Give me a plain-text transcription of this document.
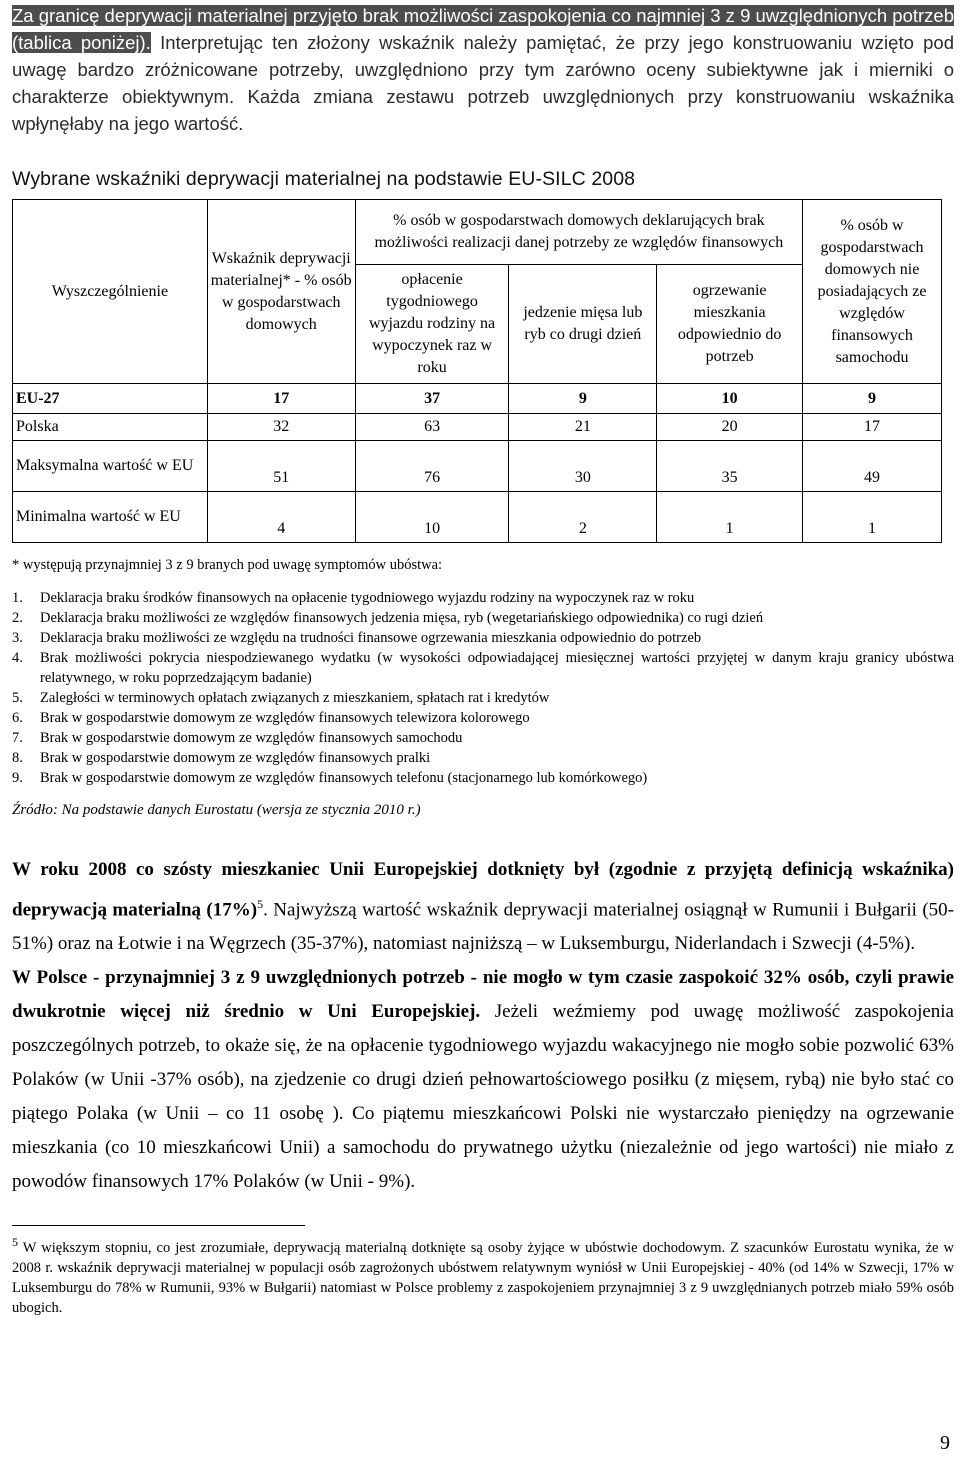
Za granicę deprywacji materialnej przyjęto brak możliwości zaspokojenia co najmniej 3 z 9 uwzględnionych potrzeb (tablica poniżej). Interpretując ten złożony wskaźnik należy pamiętać, że przy jego konstruowaniu wzięto pod uwagę bardzo zróżnicowane potrzeby, uwzględniono przy tym zarówno oceny subiektywne jak i mierniki o charakterze obiektywnym. Każda zmiana zestawu potrzeb uwzględnionych przy konstruowaniu wskaźnika wpłynęłaby na jego wartość.

Wybrane wskaźniki deprywacji materialnej na podstawie EU-SILC 2008
Wyszczególnienie	Wskaźnik deprywacji materialnej* - % osób w gospodarstwach domowych	% osób w gospodarstwach domowych deklarujących brak możliwości realizacji danej potrzeby ze względów finansowych			% osób w gospodarstwach domowych nie posiadających ze względów finansowych samochodu
		opłacenie tygodniowego wyjazdu rodziny na wypoczynek raz w roku	jedzenie mięsa lub ryb co drugi dzień	ogrzewanie mieszkania odpowiednio do potrzeb	
EU-27	17	37	9	10	9
Polska	32	63	21	20	17
Maksymalna wartość w EU	51	76	30	35	49
Minimalna wartość w EU	4	10	2	1	1

* występują przynajmniej 3 z 9 branych pod uwagę symptomów ubóstwa:

1. Deklaracja braku środków finansowych na opłacenie tygodniowego wyjazdu rodziny na wypoczynek raz w roku
2. Deklaracja braku możliwości ze względów finansowych jedzenia mięsa, ryb (wegetariańskiego odpowiednika) co rugi dzień
3. Deklaracja braku możliwości ze względu na trudności finansowe ogrzewania mieszkania odpowiednio do potrzeb
4. Brak możliwości pokrycia niespodziewanego wydatku (w wysokości odpowiadającej miesięcznej wartości przyjętej w danym kraju granicy ubóstwa relatywnego, w roku poprzedzającym badanie)
5. Zaległości w terminowych opłatach związanych z mieszkaniem, spłatach rat i kredytów
6. Brak w gospodarstwie domowym ze względów finansowych telewizora kolorowego
7. Brak w gospodarstwie domowym ze względów finansowych samochodu
8. Brak w gospodarstwie domowym ze względów finansowych pralki
9. Brak w gospodarstwie domowym ze względów finansowych telefonu (stacjonarnego lub komórkowego)

Źródło: Na podstawie danych Eurostatu (wersja ze stycznia 2010 r.)

W roku 2008 co szósty mieszkaniec Unii Europejskiej dotknięty był (zgodnie z przyjętą definicją wskaźnika) deprywacją materialną $(17\%)^5$. Najwyższą wartość wskaźnik deprywacji materialnej osiągnął w Rumunii i Bułgarii (50-51%) oraz na Łotwie i na Węgrzech (35-37%), natomiast najniższą – w Luksemburgu, Niderlandach i Szwecji (4-5%).

W Polsce - przynajmniej 3 z 9 uwzględnionych potrzeb - nie mogło w tym czasie zaspokoić 32% osób, czyli prawie dwukrotnie więcej niż średnio w Uni Europejskiej. Jeżeli weźmiemy pod uwagę możliwość zaspokojenia poszczególnych potrzeb, to okaże się, że na opłacenie tygodniowego wyjazdu wakacyjnego nie mogło sobie pozwolić 63% Polaków (w Unii -37% osób), na zjedzenie co drugi dzień pełnowartościowego posiłku (z mięsem, rybą) nie było stać co piątego Polaka (w Unii – co 11 osobę ). Co piątemu mieszkańcowi Polski nie wystarczało pieniędzy na ogrzewanie mieszkania (co 10 mieszkańcowi Unii) a samochodu do prywatnego użytku (niezależnie od jego wartości) nie miało z powodów finansowych 17% Polaków (w Unii - 9%).

$^5$ W większym stopniu, co jest zrozumiałe, deprywacją materialną dotknięte są osoby żyjące w ubóstwie dochodowym. Z szacunków Eurostatu wynika, że w 2008 r. wskaźnik deprywacji materialnej w populacji osób zagrożonych ubóstwem relatywnym wyniósł w Unii Europejskiej - 40% (od 14% w Szwecji, 17% w Luksemburgu do 78% w Rumunii, 93% w Bułgarii) natomiast w Polsce problemy z zaspokojeniem przynajmniej 3 z 9 uwzględnianych potrzeb miało 59% osób ubogich.

9
